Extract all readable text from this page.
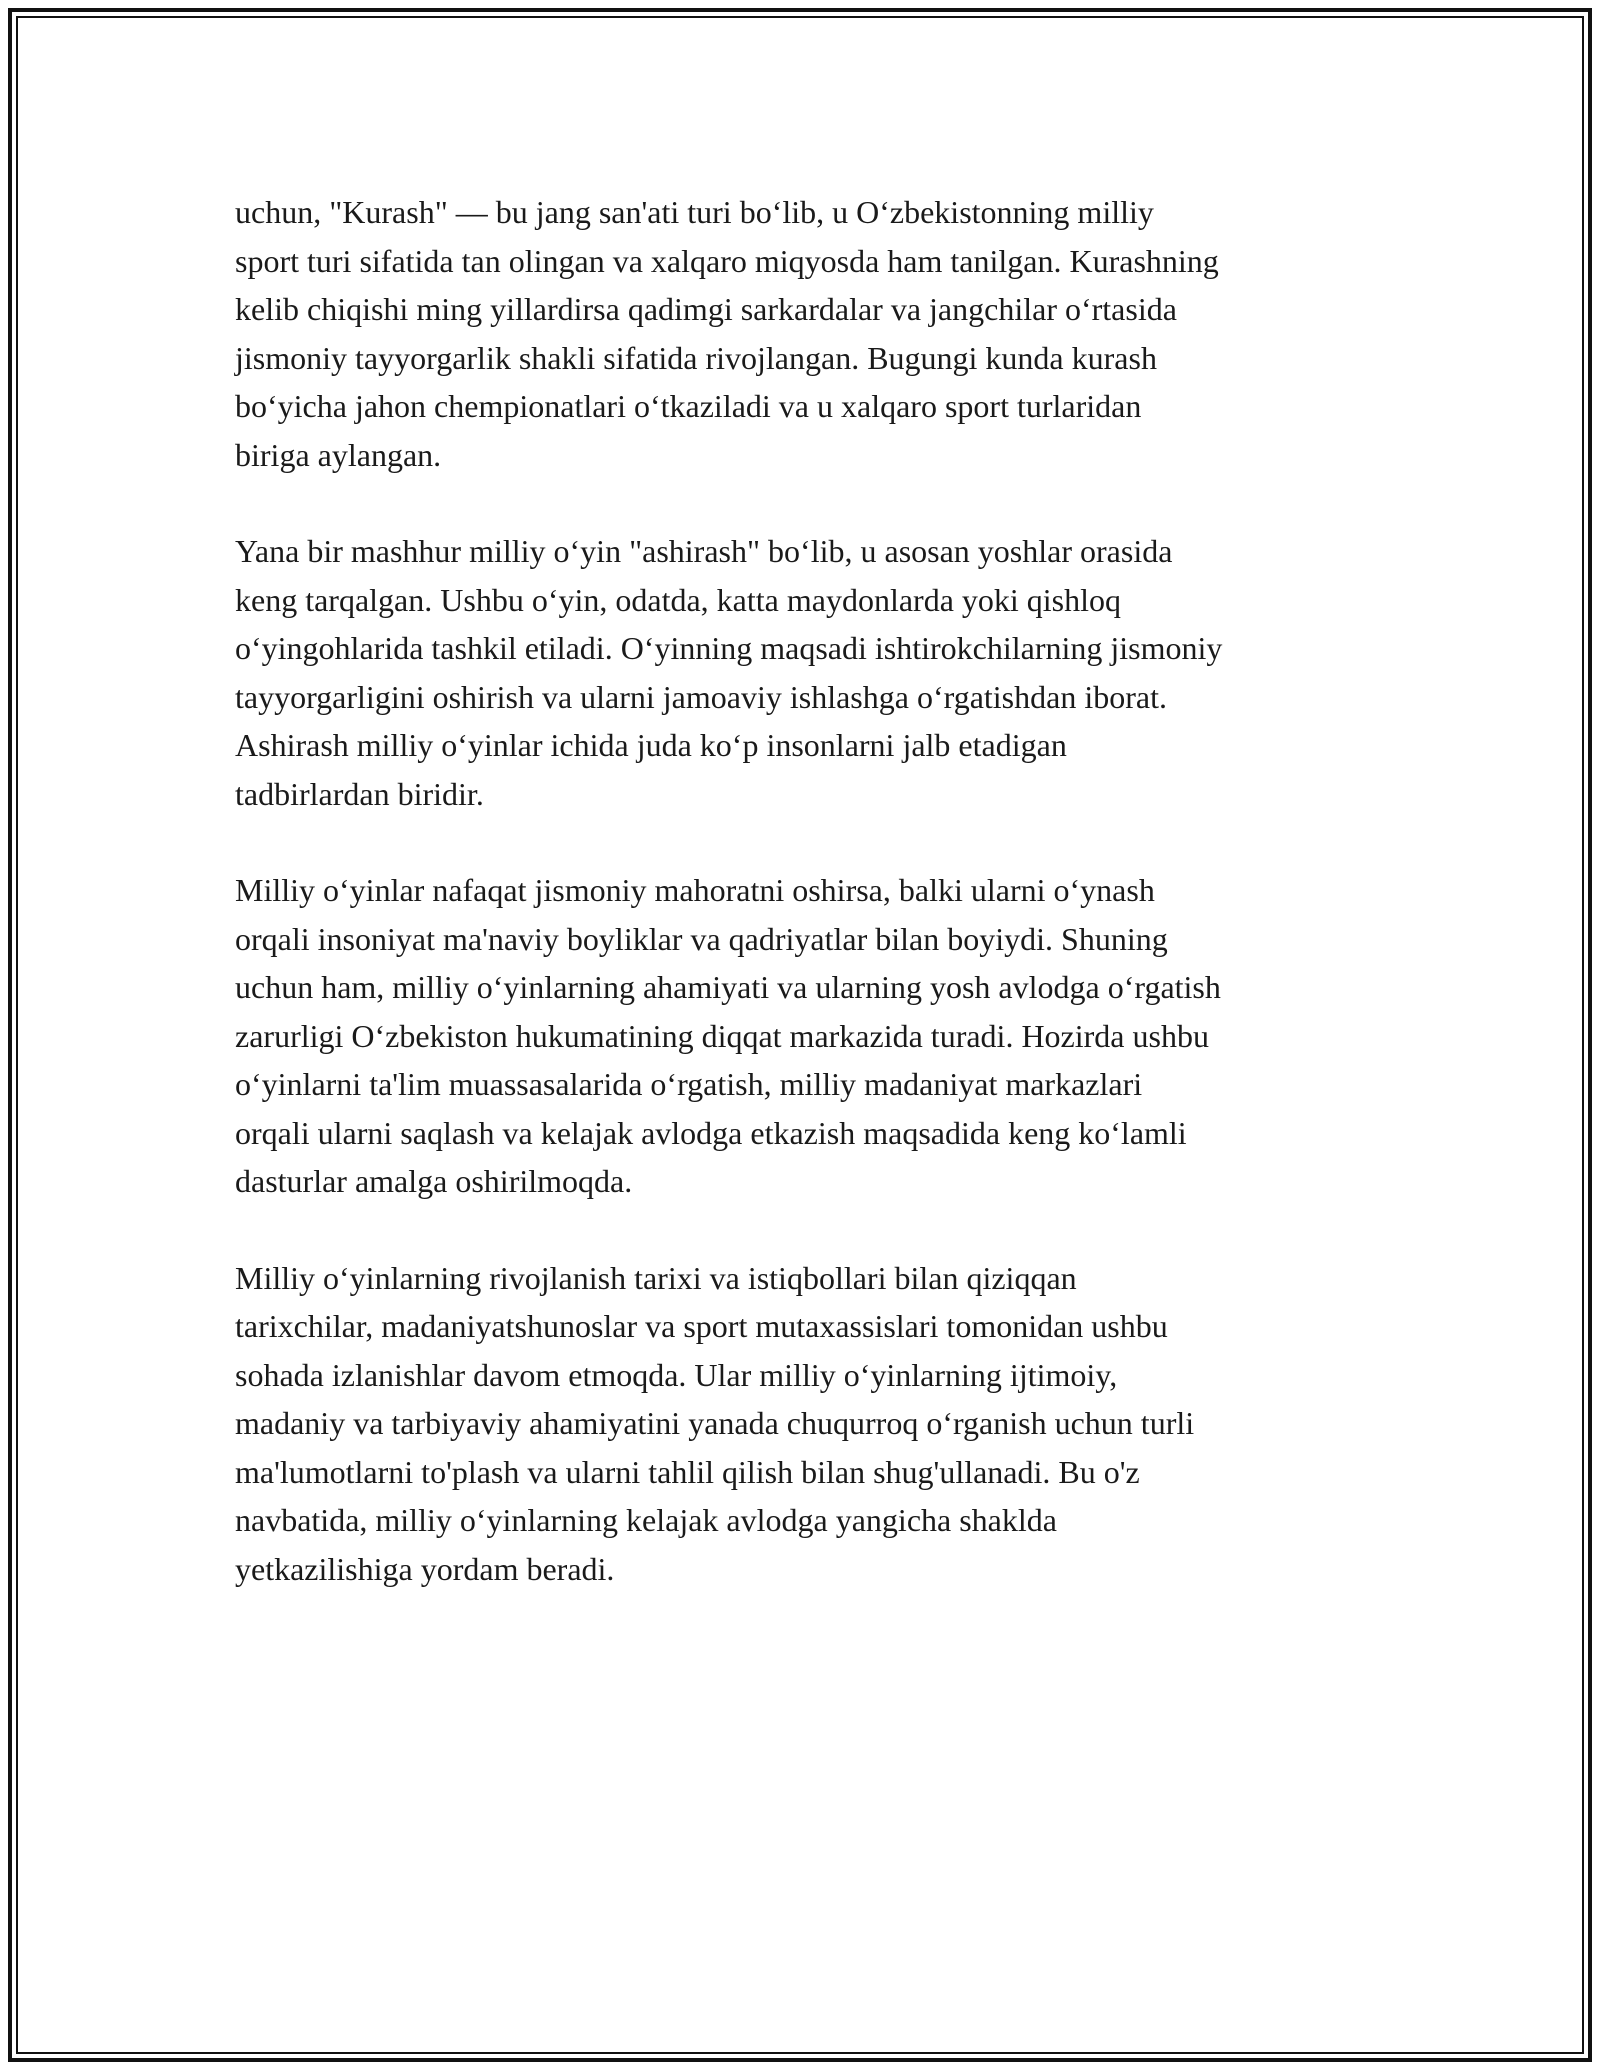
uchun, "Kurash" — bu jang san'ati turi bo‘lib, u O‘zbekistonning milliy
sport turi sifatida tan olingan va xalqaro miqyosda ham tanilgan. Kurashning
kelib chiqishi ming yillardirsa qadimgi sarkardalar va jangchilar o‘rtasida
jismoniy tayyorgarlik shakli sifatida rivojlangan. Bugungi kunda kurash
bo‘yicha jahon chempionatlari o‘tkaziladi va u xalqaro sport turlaridan
biriga aylangan.

Yana bir mashhur milliy o‘yin "ashirash" bo‘lib, u asosan yoshlar orasida
keng tarqalgan. Ushbu o‘yin, odatda, katta maydonlarda yoki qishloq
o‘yingohlarida tashkil etiladi. O‘yinning maqsadi ishtirokchilarning jismoniy
tayyorgarligini oshirish va ularni jamoaviy ishlashga o‘rgatishdan iborat.
Ashirash milliy o‘yinlar ichida juda ko‘p insonlarni jalb etadigan
tadbirlardan biridir.

Milliy o‘yinlar nafaqat jismoniy mahoratni oshirsa, balki ularni o‘ynash
orqali insoniyat ma'naviy boyliklar va qadriyatlar bilan boyiydi. Shuning
uchun ham, milliy o‘yinlarning ahamiyati va ularning yosh avlodga o‘rgatish
zarurligi O‘zbekiston hukumatining diqqat markazida turadi. Hozirda ushbu
o‘yinlarni ta'lim muassasalarida o‘rgatish, milliy madaniyat markazlari
orqali ularni saqlash va kelajak avlodga etkazish maqsadida keng ko‘lamli
dasturlar amalga oshirilmoqda.

Milliy o‘yinlarning rivojlanish tarixi va istiqbollari bilan qiziqqan
tarixchilar, madaniyatshunoslar va sport mutaxassislari tomonidan ushbu
sohada izlanishlar davom etmoqda. Ular milliy o‘yinlarning ijtimoiy,
madaniy va tarbiyaviy ahamiyatini yanada chuqurroq o‘rganish uchun turli
ma'lumotlarni to'plash va ularni tahlil qilish bilan shug'ullanadi. Bu o'z
navbatida, milliy o‘yinlarning kelajak avlodga yangicha shaklda
yetkazilishiga yordam beradi.
